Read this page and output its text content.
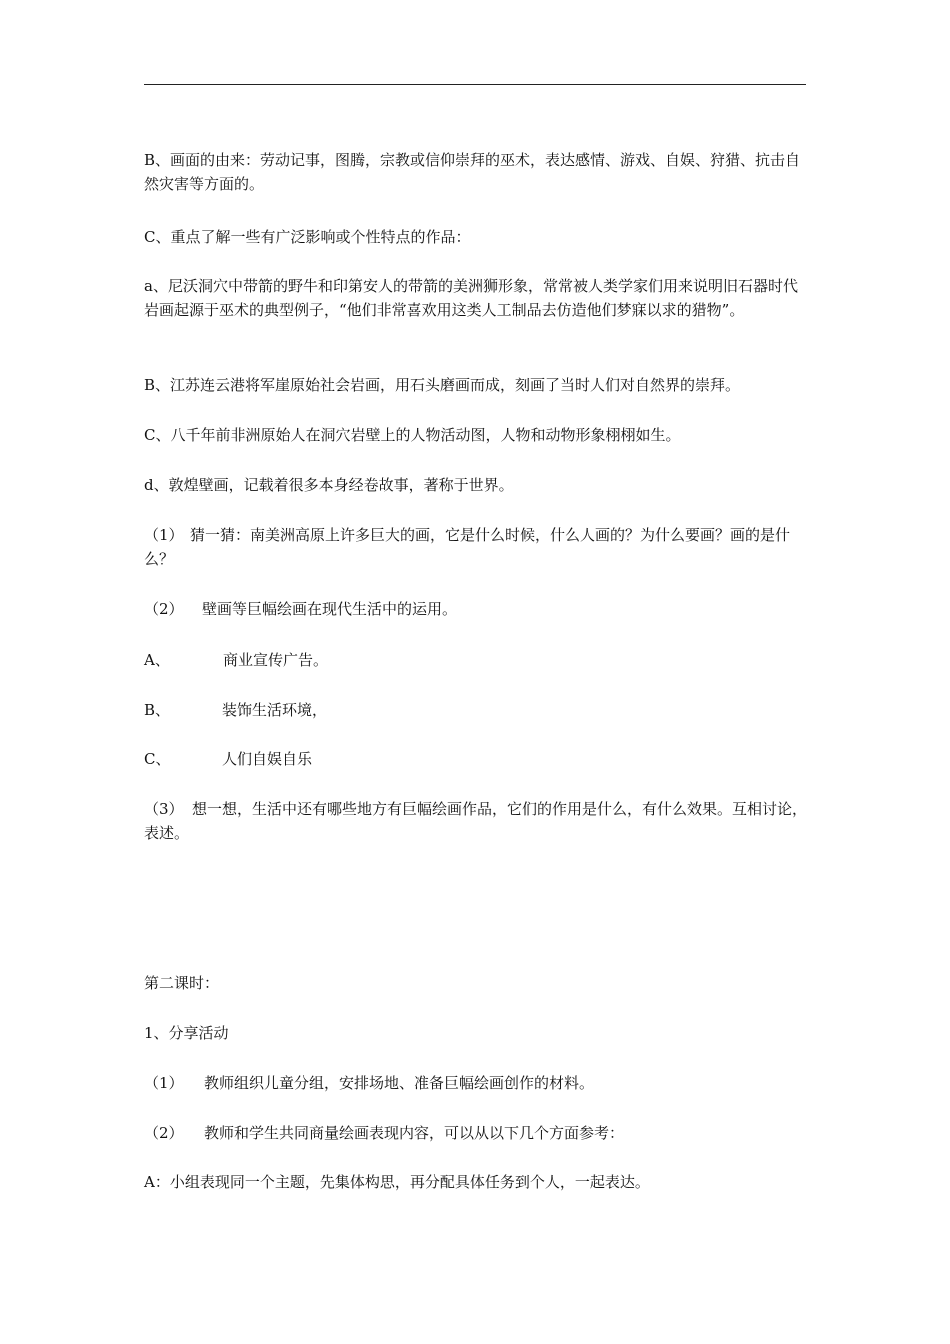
B、画面的由来：劳动记事，图腾，宗教或信仰崇拜的巫术，表达感情、游戏、自娱、狩猎、抗击自然灾害等方面的。

C、重点了解一些有广泛影响或个性特点的作品：

a、尼沃洞穴中带箭的野牛和印第安人的带箭的美洲狮形象，常常被人类学家们用来说明旧石器时代岩画起源于巫术的典型例子，“他们非常喜欢用这类人工制品去仿造他们梦寐以求的猎物”。

B、江苏连云港将军崖原始社会岩画，用石头磨画而成，刻画了当时人们对自然界的崇拜。

C、八千年前非洲原始人在洞穴岩壁上的人物活动图，人物和动物形象栩栩如生。

d、敦煌壁画，记载着很多本身经卷故事，著称于世界。

（1） 猜一猜：南美洲高原上许多巨大的画，它是什么时候，什么人画的？为什么要画？画的是什么？

（2） 壁画等巨幅绘画在现代生活中的运用。

A、	商业宣传广告。

B、	装饰生活环境，

C、	人们自娱自乐

（3） 想一想，生活中还有哪些地方有巨幅绘画作品，它们的作用是什么，有什么效果。互相讨论，表述。

第二课时：

1、分享活动

（1） 教师组织儿童分组，安排场地、准备巨幅绘画创作的材料。

（2） 教师和学生共同商量绘画表现内容，可以从以下几个方面参考：

A：小组表现同一个主题，先集体构思，再分配具体任务到个人，一起表达。
